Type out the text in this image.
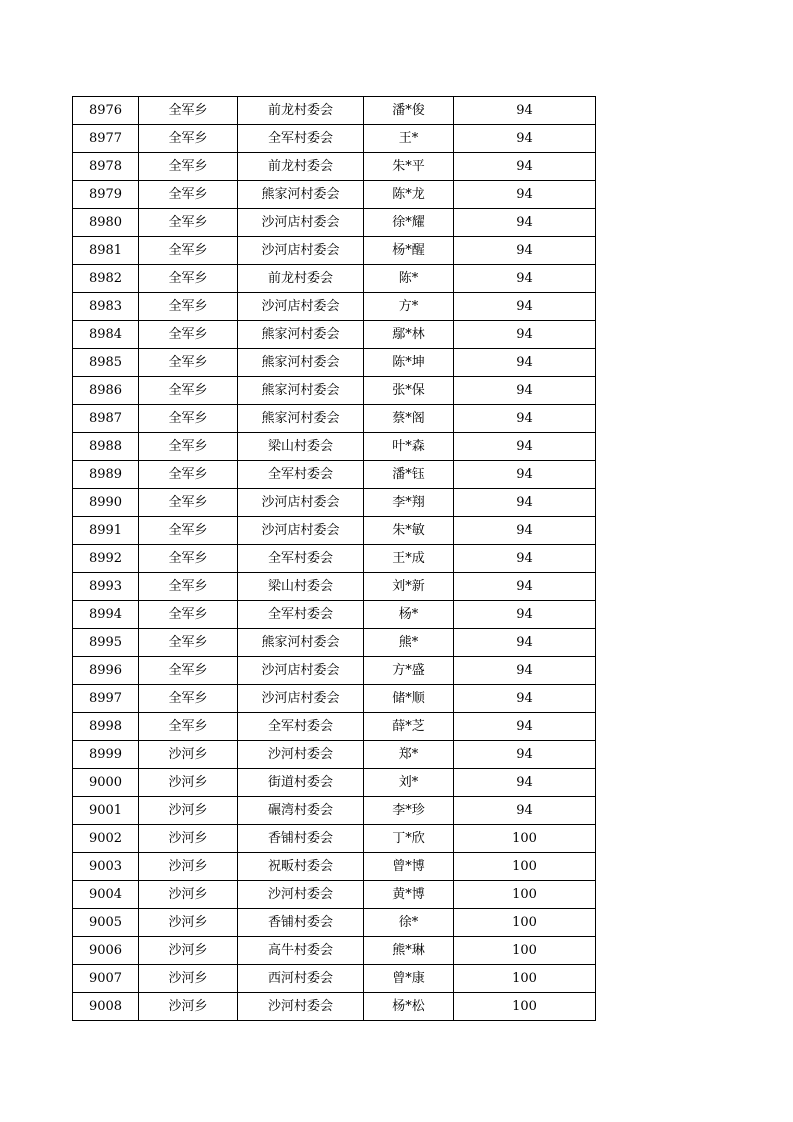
8976	全军乡	前龙村委会	潘*俊	94
8977	全军乡	全军村委会	王*	94
8978	全军乡	前龙村委会	朱*平	94
8979	全军乡	熊家河村委会	陈*龙	94
8980	全军乡	沙河店村委会	徐*耀	94
8981	全军乡	沙河店村委会	杨*醒	94
8982	全军乡	前龙村委会	陈*	94
8983	全军乡	沙河店村委会	方*	94
8984	全军乡	熊家河村委会	鄢*林	94
8985	全军乡	熊家河村委会	陈*坤	94
8986	全军乡	熊家河村委会	张*保	94
8987	全军乡	熊家河村委会	蔡*阁	94
8988	全军乡	梁山村委会	叶*森	94
8989	全军乡	全军村委会	潘*钰	94
8990	全军乡	沙河店村委会	李*翔	94
8991	全军乡	沙河店村委会	朱*敏	94
8992	全军乡	全军村委会	王*成	94
8993	全军乡	梁山村委会	刘*新	94
8994	全军乡	全军村委会	杨*	94
8995	全军乡	熊家河村委会	熊*	94
8996	全军乡	沙河店村委会	方*盛	94
8997	全军乡	沙河店村委会	储*顺	94
8998	全军乡	全军村委会	薛*芝	94
8999	沙河乡	沙河村委会	郑*	94
9000	沙河乡	街道村委会	刘*	94
9001	沙河乡	碾湾村委会	李*珍	94
9002	沙河乡	香铺村委会	丁*欣	100
9003	沙河乡	祝畈村委会	曾*博	100
9004	沙河乡	沙河村委会	黄*博	100
9005	沙河乡	香铺村委会	徐*	100
9006	沙河乡	高牛村委会	熊*琳	100
9007	沙河乡	西河村委会	曾*康	100
9008	沙河乡	沙河村委会	杨*松	100
